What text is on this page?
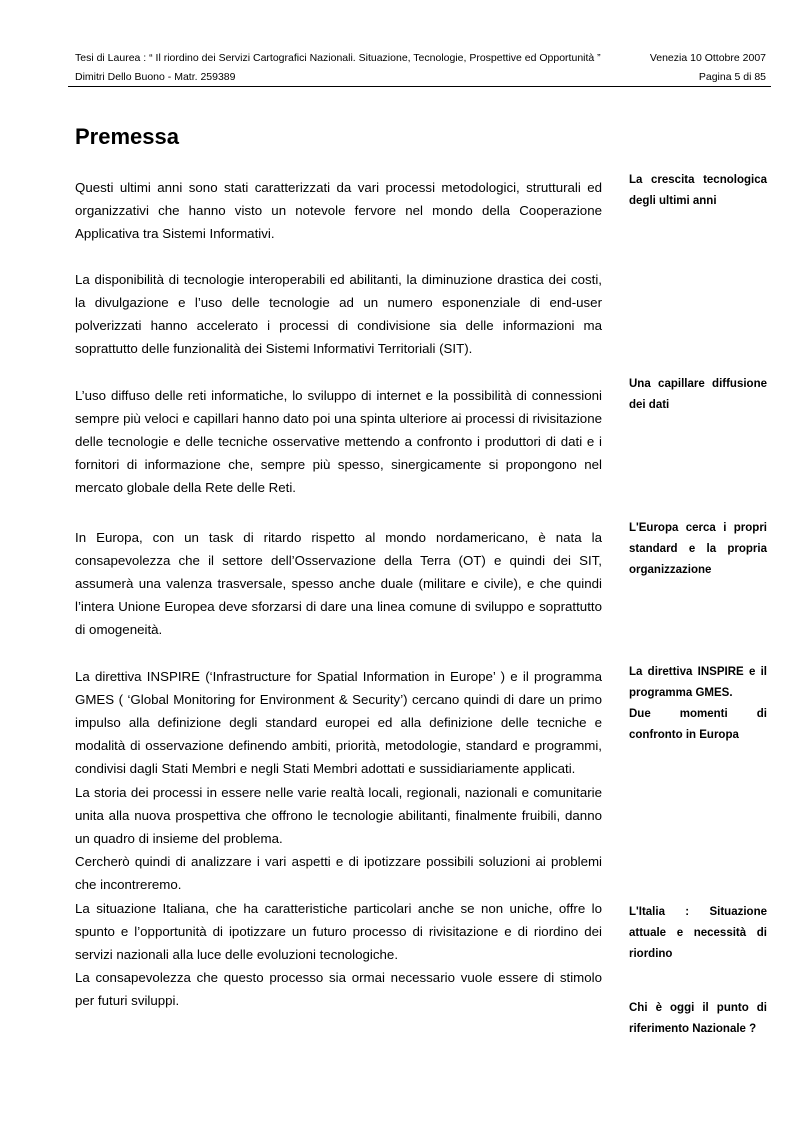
Tesi di Laurea : “ Il riordino dei Servizi Cartografici Nazionali. Situazione, Tecnologie, Prospettive ed Opportunità ”
Dimitri Dello Buono - Matr. 259389
Venezia 10 Ottobre 2007
Pagina 5 di 85
Premessa

Questi ultimi anni sono stati caratterizzati da vari processi metodologici, strutturali ed organizzativi che hanno visto un notevole fervore nel mondo della Cooperazione Applicativa tra Sistemi Informativi.

La disponibilità di tecnologie interoperabili ed abilitanti, la diminuzione drastica dei costi, la divulgazione e l’uso delle tecnologie ad un numero esponenziale di end-user polverizzati hanno accelerato i processi di condivisione sia delle informazioni ma soprattutto delle funzionalità dei Sistemi Informativi Territoriali (SIT).

L’uso diffuso delle reti informatiche, lo sviluppo di internet e la possibilità di connessioni sempre più veloci e capillari hanno dato poi una spinta ulteriore ai processi di rivisitazione delle tecnologie e delle tecniche osservative mettendo a confronto i produttori di dati e i fornitori di informazione che, sempre più spesso, sinergicamente si propongono nel mercato globale della Rete delle Reti.

In Europa, con un task di ritardo rispetto al mondo nordamericano, è nata la consapevolezza che il settore dell’Osservazione della Terra (OT) e quindi dei SIT, assumerà una valenza trasversale, spesso anche duale (militare e civile), e che quindi l’intera Unione Europea deve sforzarsi di dare una linea comune di sviluppo e soprattutto di omogeneità.

La direttiva INSPIRE (‘Infrastructure for Spatial Information in Europe’ ) e il programma GMES ( ‘Global Monitoring for Environment & Security’) cercano quindi di dare un primo impulso alla definizione degli standard europei ed alla definizione delle tecniche e modalità di osservazione definendo ambiti, priorità, metodologie, standard e programmi, condivisi dagli Stati Membri e negli Stati Membri adottati e sussidiariamente applicati.

La storia dei processi in essere nelle varie realtà locali, regionali, nazionali e comunitarie unita alla nuova prospettiva che offrono le tecnologie abilitanti, finalmente fruibili, danno un quadro di insieme del problema.

Cercherò quindi di analizzare i vari aspetti e di ipotizzare possibili soluzioni ai problemi che incontreremo.

La situazione Italiana, che ha caratteristiche particolari anche se non uniche, offre lo spunto e l’opportunità di ipotizzare un futuro processo di rivisitazione e di riordino dei servizi nazionali alla luce delle evoluzioni tecnologiche.

La consapevolezza che questo processo sia ormai necessario vuole essere di stimolo per futuri sviluppi.

La crescita tecnologica degli ultimi anni

Una capillare diffusione dei dati

L'Europa cerca i propri standard e la propria organizzazione

La direttiva INSPIRE e il programma GMES.

Due momenti di confronto in Europa

L'Italia : Situazione attuale e necessità di riordino

Chi è oggi il punto di riferimento Nazionale ?
